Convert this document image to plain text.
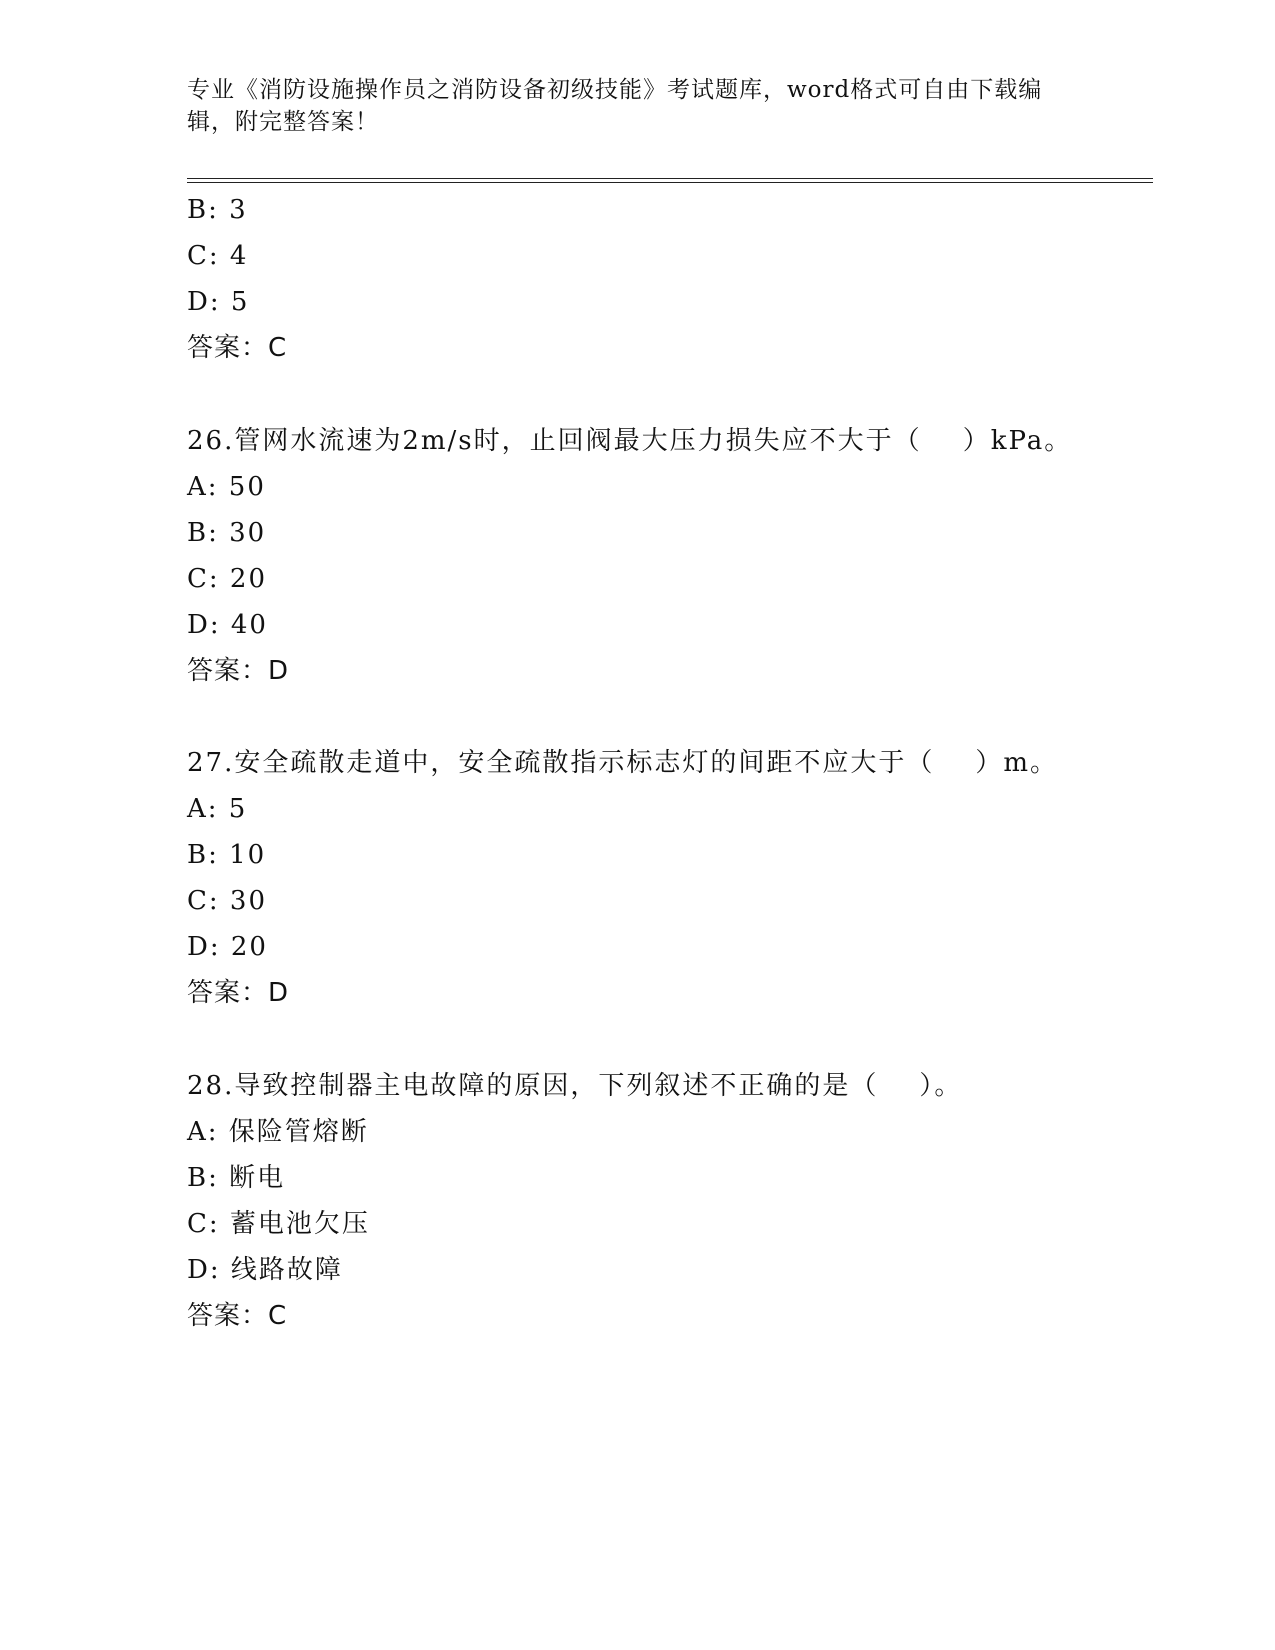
专业《消防设施操作员之消防设备初级技能》考试题库，word格式可自由下载编
辑，附完整答案！
B: 3
C: 4
D: 5
答案：C
26.管网水流速为2m/s时，止回阀最大压力损失应不大于（    ）kPa。
A: 50
B: 30
C: 20
D: 40
答案：D
27.安全疏散走道中，安全疏散指示标志灯的间距不应大于（    ）m。
A: 5
B: 10
C: 30
D: 20
答案：D
28.导致控制器主电故障的原因，下列叙述不正确的是（    ）。
A: 保险管熔断
B: 断电
C: 蓄电池欠压
D: 线路故障
答案：C
